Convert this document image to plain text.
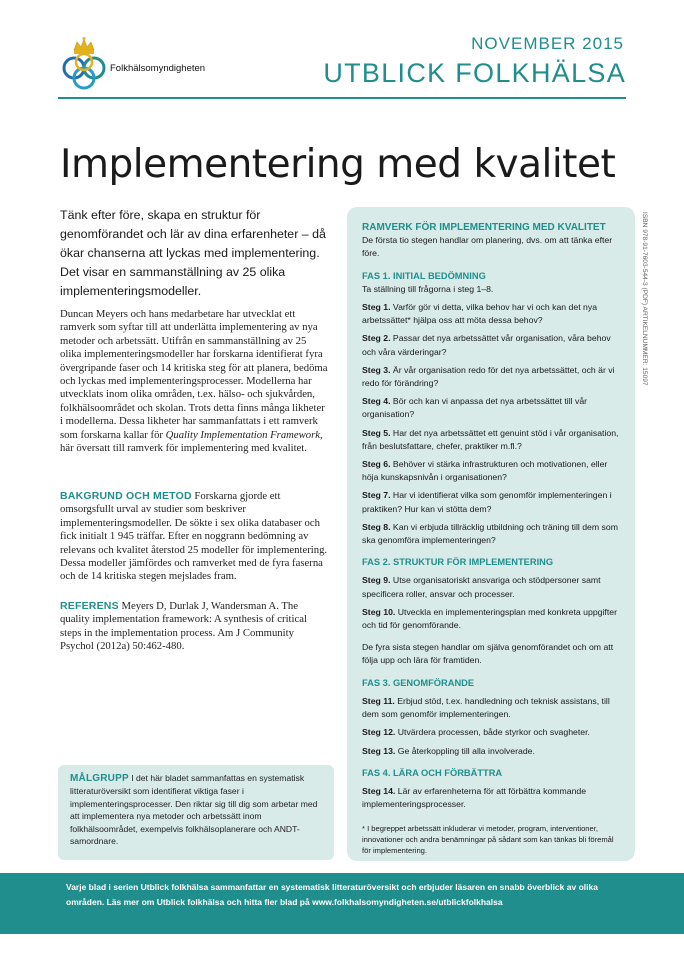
Folkhälsomyndigheten
NOVEMBER 2015
UTBLICK FOLKHÄLSA
Implementering med kvalitet
Tänk efter före, skapa en struktur för genomförandet och lär av dina erfarenheter – då ökar chanserna att lyckas med implementering. Det visar en sammanställning av 25 olika implementeringsmodeller.
Duncan Meyers och hans medarbetare har utvecklat ett ramverk som syftar till att underlätta implementering av nya metoder och arbetssätt. Utifrån en sammanställning av 25 olika implementeringsmodeller har forskarna identifierat fyra övergripande faser och 14 kritiska steg för att planera, bedöma och lyckas med implementeringsprocesser. Modellerna har utvecklats inom olika områden, t.ex. hälso- och sjukvården, folkhälsoområdet och skolan. Trots detta finns många likheter i modellerna. Dessa likheter har sammanfattats i ett ramverk som forskarna kallar för Quality Implementation Framework, här översatt till ramverk för implementering med kvalitet.
BAKGRUND OCH METOD Forskarna gjorde ett omsorgsfullt urval av studier som beskriver implementeringsmodeller. De sökte i sex olika databaser och fick initialt 1 945 träffar. Efter en noggrann bedömning av relevans och kvalitet återstod 25 modeller för implementering. Dessa modeller jämfördes och ramverket med de fyra faserna och de 14 kritiska stegen mejslades fram.
REFERENS Meyers D, Durlak J, Wandersman A. The quality implementation framework: A synthesis of critical steps in the implementation process. Am J Community Psychol (2012a) 50:462-480.
MÅLGRUPP I det här bladet sammanfattas en systematisk litteraturöversikt som identifierat viktiga faser i implementeringsprocesser. Den riktar sig till dig som arbetar med att implementera nya metoder och arbetssätt inom folkhälsoområdet, exempelvis folkhälsoplanerare och ANDT-samordnare.
RAMVERK FÖR IMPLEMENTERING MED KVALITET
De första tio stegen handlar om planering, dvs. om att tänka efter före.
FAS 1. INITIAL BEDÖMNING
Ta ställning till frågorna i steg 1–8.
Steg 1. Varför gör vi detta, vilka behov har vi och kan det nya arbetssättet* hjälpa oss att möta dessa behov?
Steg 2. Passar det nya arbetssättet vår organisation, våra behov och våra värderingar?
Steg 3. Är vår organisation redo för det nya arbetssättet, och är vi redo för förändring?
Steg 4. Bör och kan vi anpassa det nya arbetssättet till vår organisation?
Steg 5. Har det nya arbetssättet ett genuint stöd i vår organisation, från beslutsfattare, chefer, praktiker m.fl.?
Steg 6. Behöver vi stärka infrastrukturen och motivationen, eller höja kunskapsnivån i organisationen?
Steg 7. Har vi identifierat vilka som genomför implementeringen i praktiken? Hur kan vi stötta dem?
Steg 8. Kan vi erbjuda tillräcklig utbildning och träning till dem som ska genomföra implementeringen?
FAS 2. STRUKTUR FÖR IMPLEMENTERING
Steg 9. Utse organisatoriskt ansvariga och stödpersoner samt specificera roller, ansvar och processer.
Steg 10. Utveckla en implementeringsplan med konkreta uppgifter och tid för genomförande.
De fyra sista stegen handlar om själva genomförandet och om att följa upp och lära för framtiden.
FAS 3. GENOMFÖRANDE
Steg 11. Erbjud stöd, t.ex. handledning och teknisk assistans, till dem som genomför implementeringen.
Steg 12. Utvärdera processen, både styrkor och svagheter.
Steg 13. Ge återkoppling till alla involverade.
FAS 4. LÄRA OCH FÖRBÄTTRA
Steg 14. Lär av erfarenheterna för att förbättra kommande implementeringsprocesser.
* I begreppet arbetssätt inkluderar vi metoder, program, interventioner, innovationer och andra benämningar på sådant som kan tänkas bli föremål för implementering.
ISBN 978-91-7603-544-3 (PDF) ARTIKELNUMMER: 15097
Varje blad i serien Utblick folkhälsa sammanfattar en systematisk litteraturöversikt och erbjuder läsaren en snabb överblick av olika områden. Läs mer om Utblick folkhälsa och hitta fler blad på www.folkhalsomyndigheten.se/utblickfolkhalsa
